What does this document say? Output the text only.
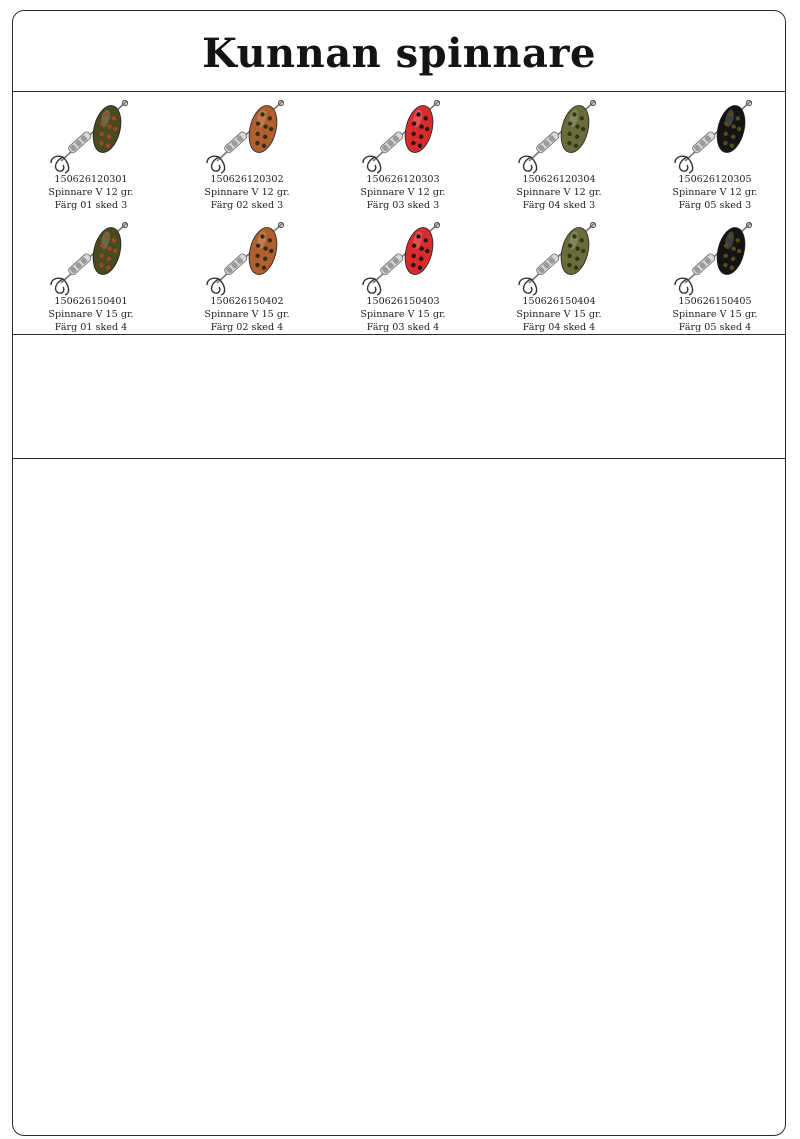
Kunnan spinnare
150626120301
Spinnare V 12 gr.
Färg 01 sked 3
150626120302
Spinnare V 12 gr.
Färg 02 sked 3
150626120303
Spinnare V 12 gr.
Färg 03 sked 3
150626120304
Spinnare V 12 gr.
Färg 04 sked 3
150626120305
Spinnare V 12 gr.
Färg 05 sked 3
150626150401
Spinnare V 15 gr.
Färg 01 sked 4
150626150402
Spinnare V 15 gr.
Färg 02 sked 4
150626150403
Spinnare V 15 gr.
Färg 03 sked 4
150626150404
Spinnare V 15 gr.
Färg 04 sked 4
150626150405
Spinnare V 15 gr.
Färg 05 sked 4
